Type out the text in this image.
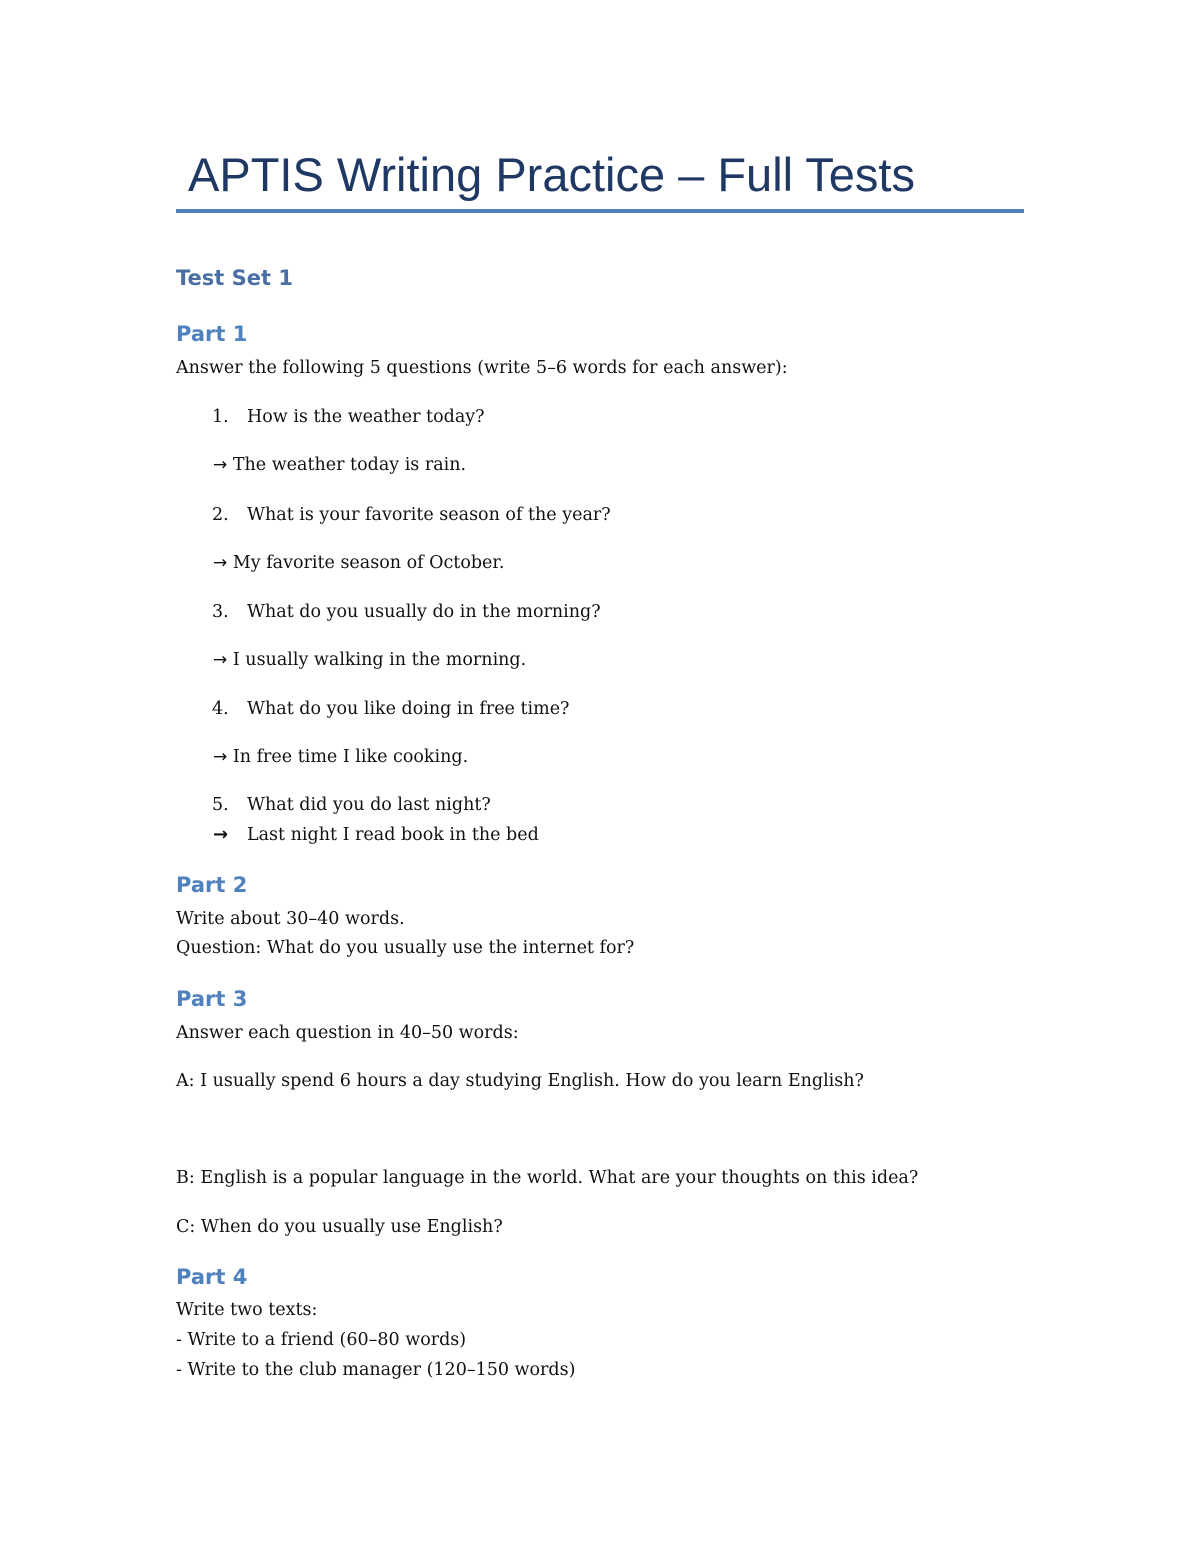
APTIS Writing Practice – Full Tests
Test Set 1
Part 1
Answer the following 5 questions (write 5–6 words for each answer):
1. How is the weather today?
→ The weather today is rain.
2. What is your favorite season of the year?
→ My favorite season of October.
3. What do you usually do in the morning?
→ I usually walking in the morning.
4. What do you like doing in free time?
→ In free time I like cooking.
5. What did you do last night?
→ Last night I read book in the bed
Part 2
Write about 30–40 words.
Question: What do you usually use the internet for?
Part 3
Answer each question in 40–50 words:
A: I usually spend 6 hours a day studying English. How do you learn English?
B: English is a popular language in the world. What are your thoughts on this idea?
C: When do you usually use English?
Part 4
Write two texts:
- Write to a friend (60–80 words)
- Write to the club manager (120–150 words)
